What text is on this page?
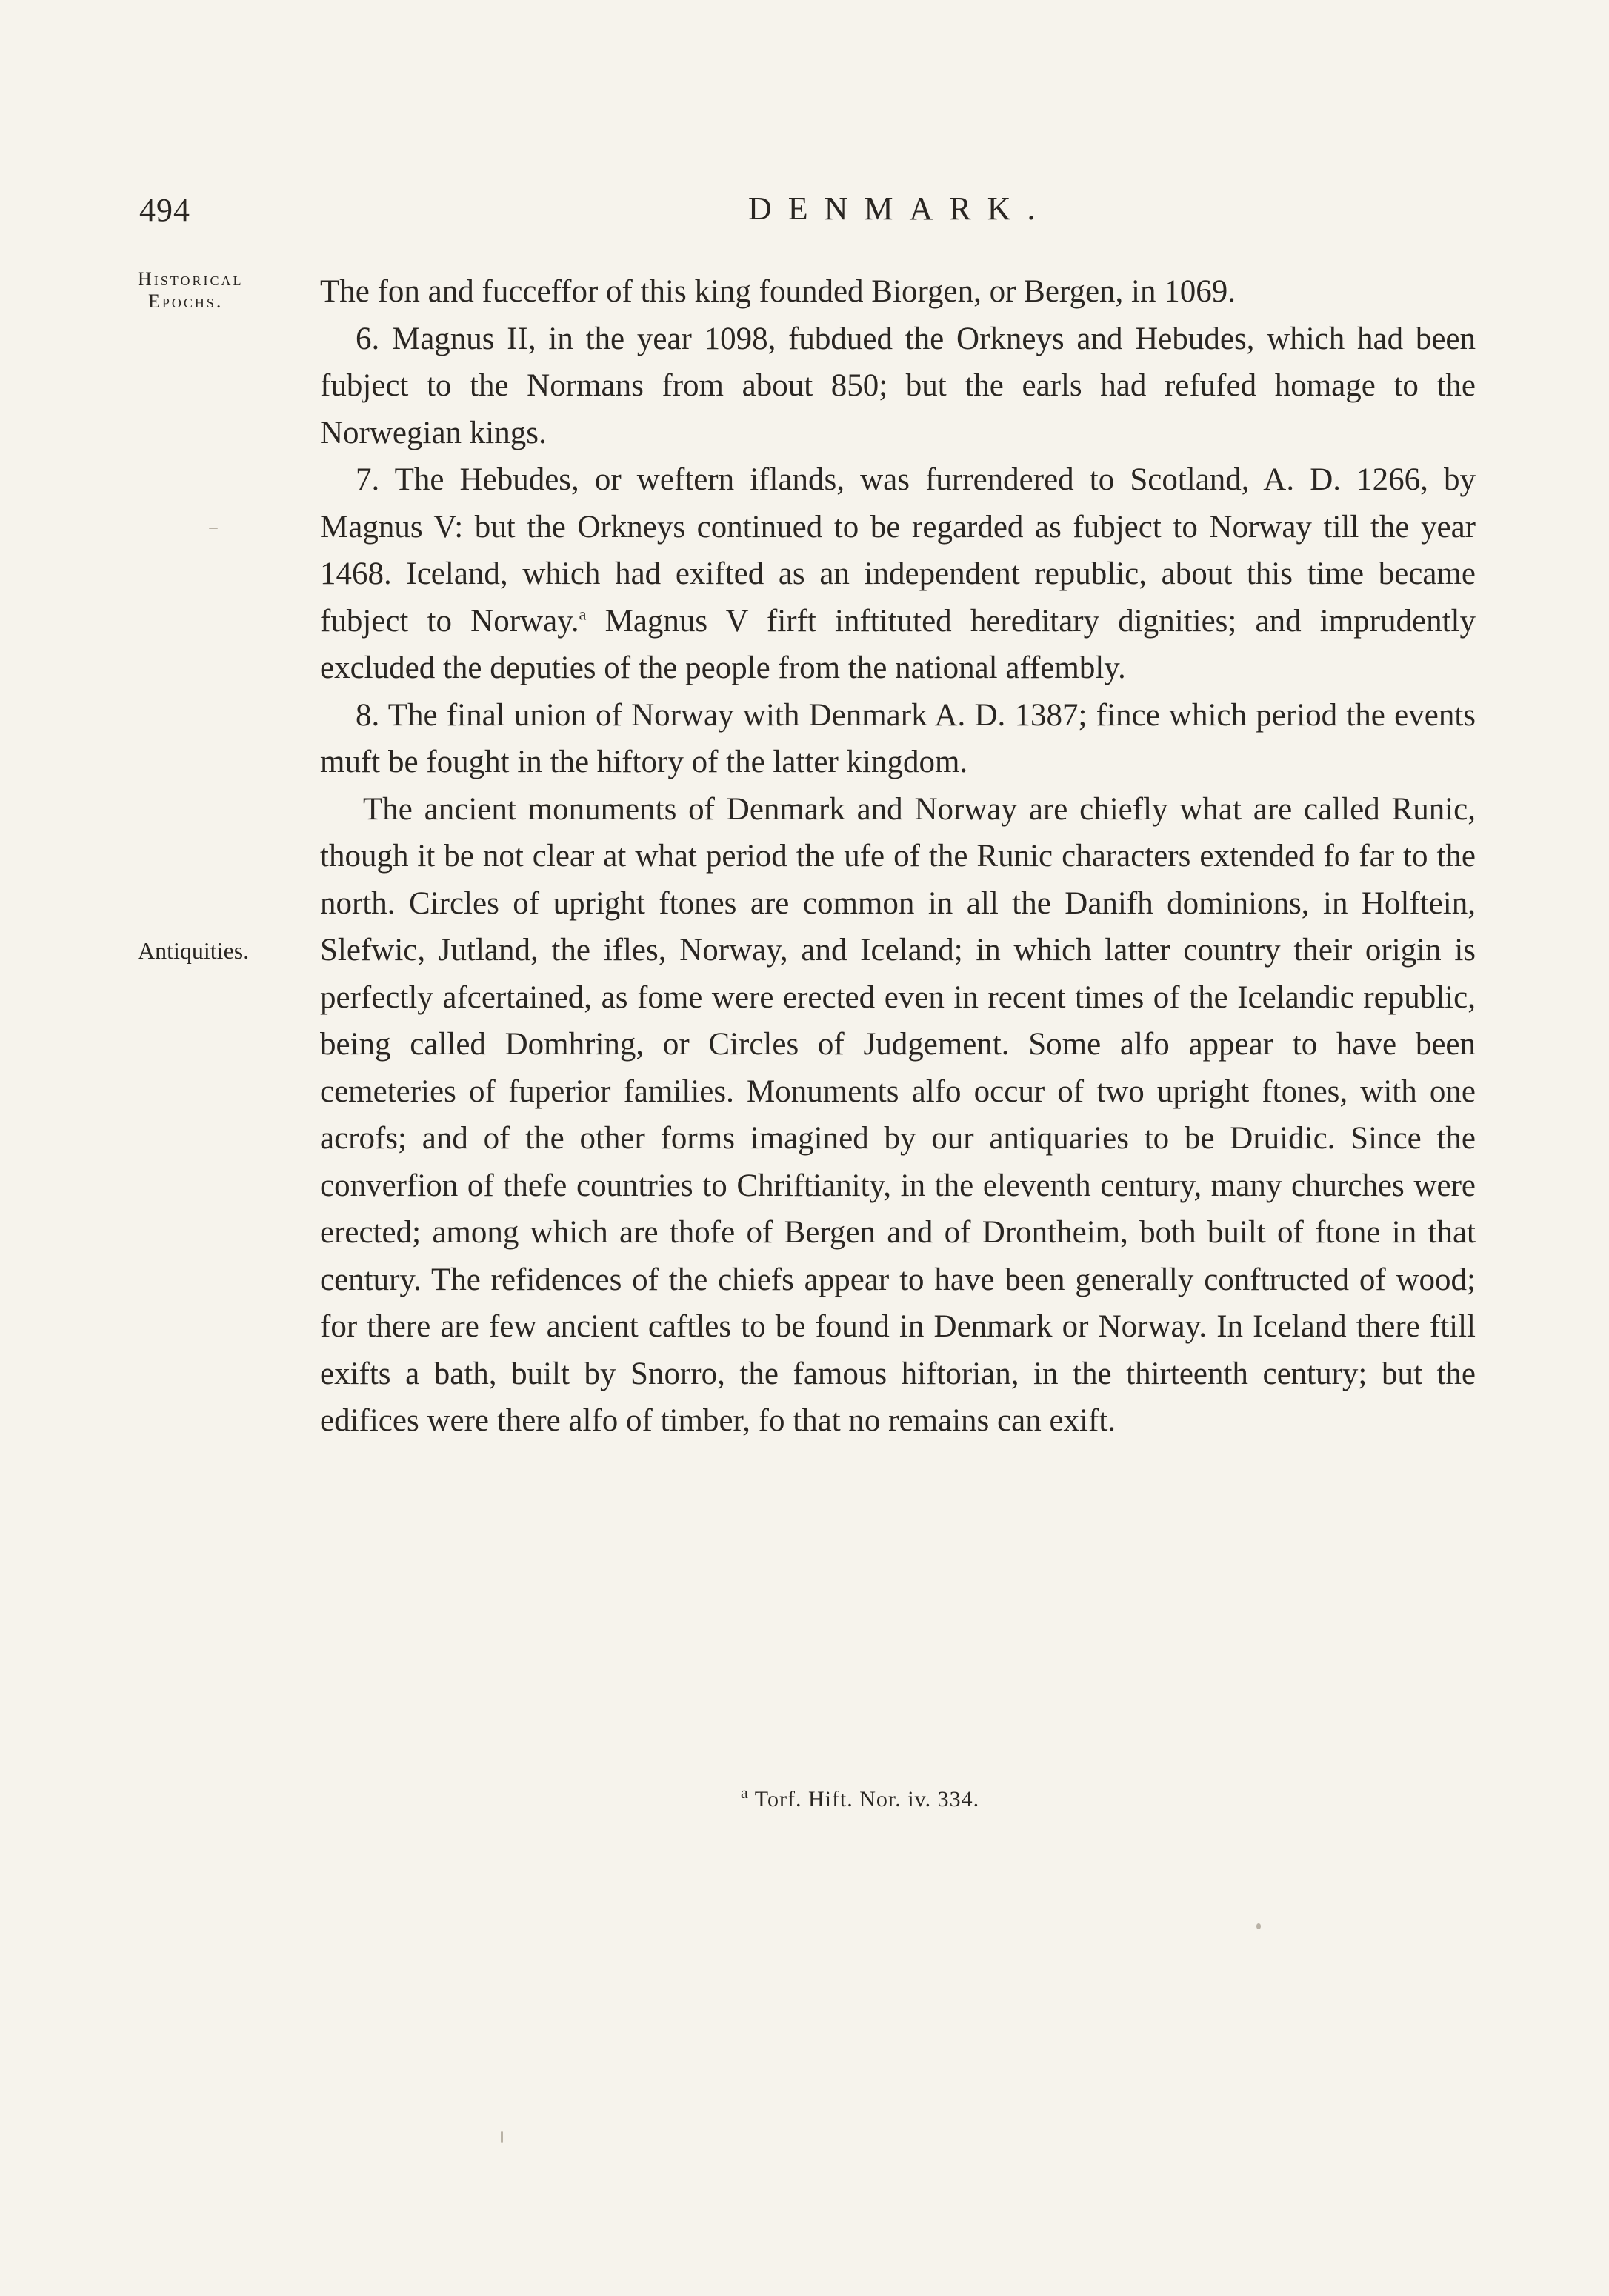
494	DENMARK.
Historical
Epochs.
Antiquities.

The fon and fucceffor of this king founded Biorgen, or Bergen, in 1069.

6. Magnus II, in the year 1098, fubdued the Orkneys and Hebudes, which had been fubject to the Normans from about 850; but the earls had refufed homage to the Norwegian kings.

7. The Hebudes, or weftern iflands, was furrendered to Scotland, A. D. 1266, by Magnus V: but the Orkneys continued to be regarded as fubject to Norway till the year 1468. Iceland, which had exifted as an independent republic, about this time became fubject to Norway.$^a$ Magnus V firft inftituted hereditary dignities; and imprudently excluded the deputies of the people from the national affembly.

8. The final union of Norway with Denmark A. D. 1387; fince which period the events muft be fought in the hiftory of the latter kingdom.

The ancient monuments of Denmark and Norway are chiefly what are called Runic, though it be not clear at what period the ufe of the Runic characters extended fo far to the north. Circles of upright ftones are common in all the Danifh dominions, in Holftein, Slefwic, Jutland, the ifles, Norway, and Iceland; in which latter country their origin is perfectly afcertained, as fome were erected even in recent times of the Icelandic republic, being called Domhring, or Circles of Judgement. Some alfo appear to have been cemeteries of fuperior families. Monuments alfo occur of two upright ftones, with one acrofs; and of the other forms imagined by our antiquaries to be Druidic. Since the converfion of thefe countries to Chriftianity, in the eleventh century, many churches were erected; among which are thofe of Bergen and of Drontheim, both built of ftone in that century. The refidences of the chiefs appear to have been generally conftructed of wood; for there are few ancient caftles to be found in Denmark or Norway. In Iceland there ftill exifts a bath, built by Snorro, the famous hiftorian, in the thirteenth century; but the edifices were there alfo of timber, fo that no remains can exift.

$^a$ Torf. Hift. Nor. iv. 334.
